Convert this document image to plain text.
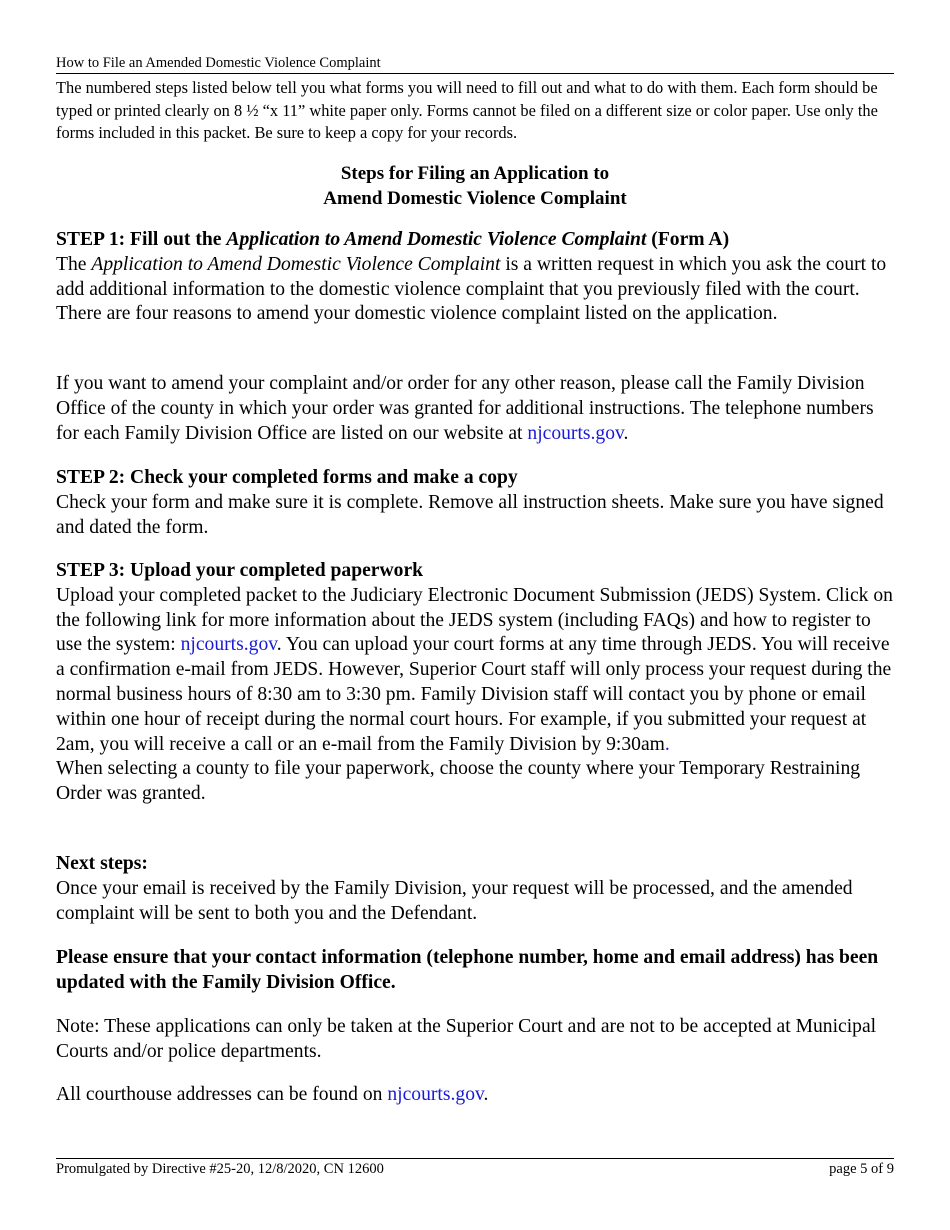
How to File an Amended Domestic Violence Complaint
The numbered steps listed below tell you what forms you will need to fill out and what to do with them. Each form should be typed or printed clearly on 8 ½ “x 11” white paper only. Forms cannot be filed on a different size or color paper. Use only the forms included in this packet. Be sure to keep a copy for your records.
Steps for Filing an Application to
Amend Domestic Violence Complaint

STEP 1: Fill out the Application to Amend Domestic Violence Complaint (Form A)

The Application to Amend Domestic Violence Complaint is a written request in which you ask the court to add additional information to the domestic violence complaint that you previously filed with the court. There are four reasons to amend your domestic violence complaint listed on the application.

If you want to amend your complaint and/or order for any other reason, please call the Family Division Office of the county in which your order was granted for additional instructions. The telephone numbers for each Family Division Office are listed on our website at njcourts.gov.

STEP 2: Check your completed forms and make a copy

Check your form and make sure it is complete. Remove all instruction sheets. Make sure you have signed and dated the form.

STEP 3: Upload your completed paperwork

Upload your completed packet to the Judiciary Electronic Document Submission (JEDS) System. Click on the following link for more information about the JEDS system (including FAQs) and how to register to use the system: njcourts.gov. You can upload your court forms at any time through JEDS. You will receive a confirmation e-mail from JEDS. However, Superior Court staff will only process your request during the normal business hours of 8:30 am to 3:30 pm. Family Division staff will contact you by phone or email within one hour of receipt during the normal court hours. For example, if you submitted your request at 2am, you will receive a call or an e-mail from the Family Division by 9:30am.

When selecting a county to file your paperwork, choose the county where your Temporary Restraining Order was granted.

Next steps:

Once your email is received by the Family Division, your request will be processed, and the amended complaint will be sent to both you and the Defendant.

Please ensure that your contact information (telephone number, home and email address) has been updated with the Family Division Office.

Note: These applications can only be taken at the Superior Court and are not to be accepted at Municipal Courts and/or police departments.

All courthouse addresses can be found on njcourts.gov.

Promulgated by Directive #25-20, 12/8/2020, CN 12600	page 5 of 9
